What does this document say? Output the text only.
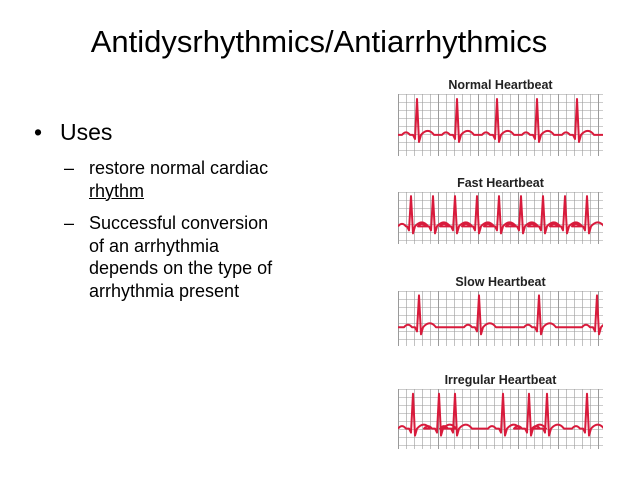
Antidysrhythmics/Antiarrhythmics
• Uses
– restore normal cardiac
rhythm
– Successful conversion
of an arrhythmia
depends on the type of
arrhythmia present
Normal Heartbeat
Fast Heartbeat
Slow Heartbeat
Irregular Heartbeat
